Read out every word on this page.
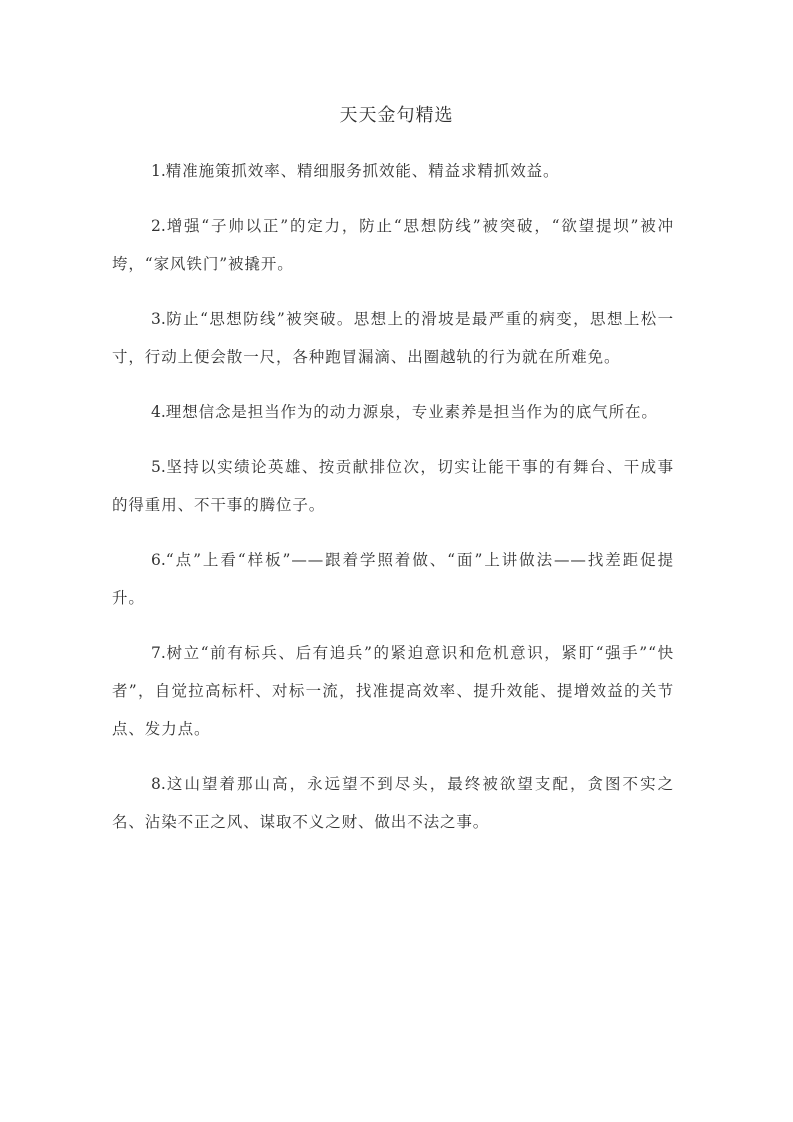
天天金句精选

1.精准施策抓效率、精细服务抓效能、精益求精抓效益。

2.增强“子帅以正”的定力，防止“思想防线”被突破，“欲望提坝”被冲垮，“家风铁门”被撬开。

3.防止“思想防线”被突破。思想上的滑坡是最严重的病变，思想上松一寸，行动上便会散一尺，各种跑冒漏滴、出圈越轨的行为就在所难免。

4.理想信念是担当作为的动力源泉，专业素养是担当作为的底气所在。

5.坚持以实绩论英雄、按贡献排位次，切实让能干事的有舞台、干成事的得重用、不干事的腾位子。

6.“点”上看“样板”——跟着学照着做、“面”上讲做法——找差距促提升。

7.树立“前有标兵、后有追兵”的紧迫意识和危机意识，紧盯“强手”“快者”，自觉拉高标杆、对标一流，找准提高效率、提升效能、提增效益的关节点、发力点。

8.这山望着那山高，永远望不到尽头，最终被欲望支配，贪图不实之名、沾染不正之风、谋取不义之财、做出不法之事。
